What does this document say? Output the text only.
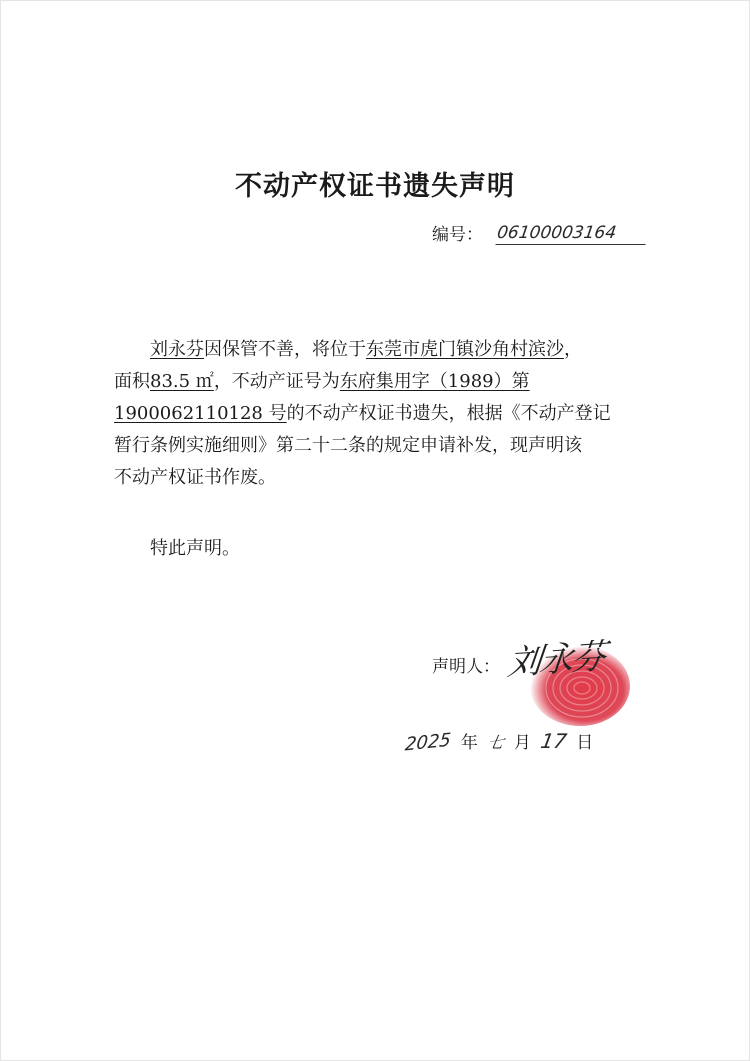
不动产权证书遗失声明
编号： 06100003164
刘永芬因保管不善，将位于东莞市虎门镇沙角村滨沙，
面积83.5 ㎡，不动产证号为东府集用字（1989）第
1900062110128 号的不动产权证书遗失，根据《不动产登记
暂行条例实施细则》第二十二条的规定申请补发，现声明该
不动产权证书作废。
特此声明。
声明人： 刘永芬
2025 年 七 月 17 日
